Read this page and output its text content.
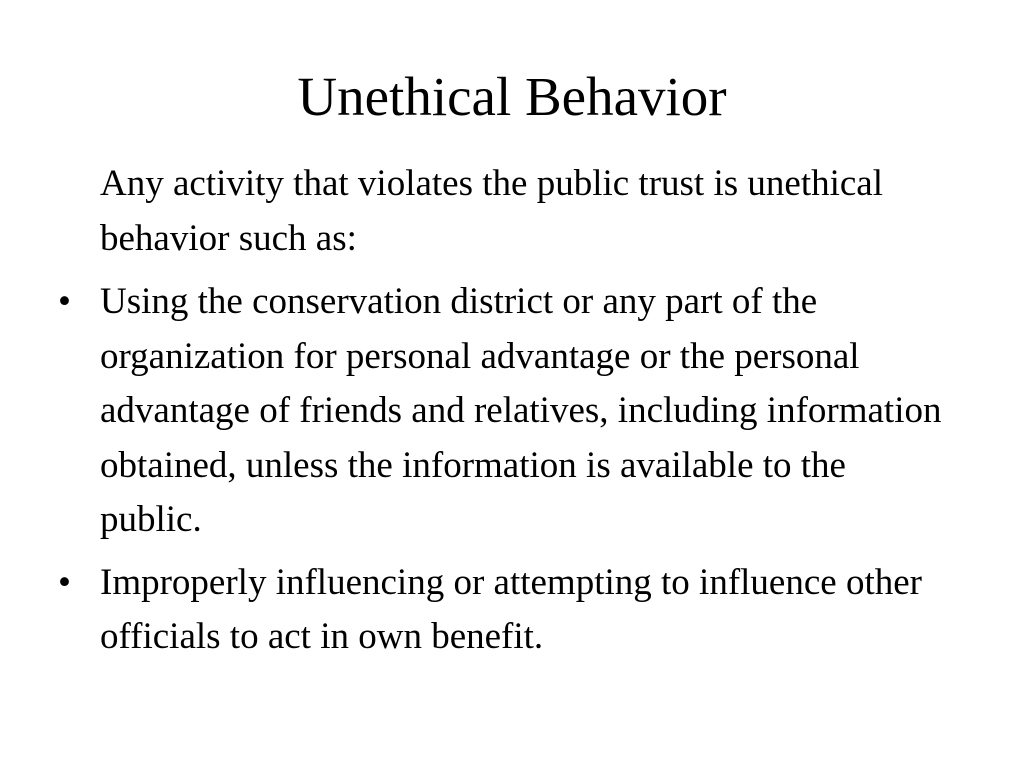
Unethical Behavior
Any activity that violates the public trust is unethical behavior such as:
• Using the conservation district or any part of the organization for personal advantage or the personal advantage of friends and relatives, including information obtained, unless the information is available to the public.
• Improperly influencing or attempting to influence other officials to act in own benefit.
